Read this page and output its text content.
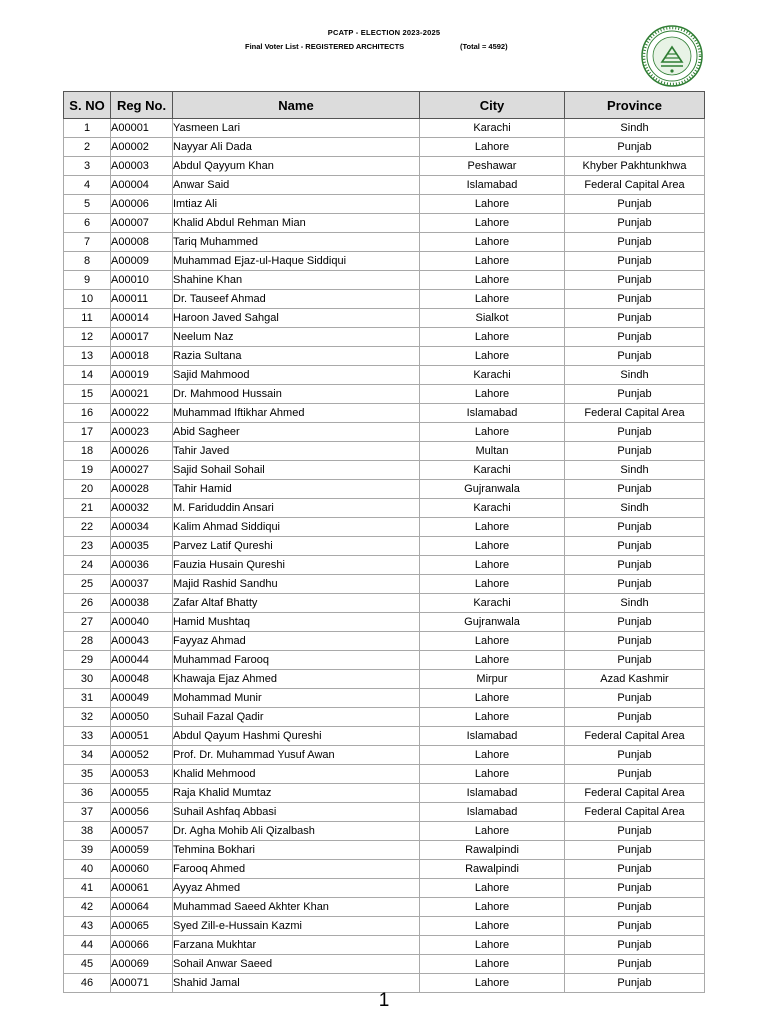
PCATP - ELECTION 2023-2025
Final Voter List - REGISTERED ARCHITECTS	(Total = 4592)
S. NO	Reg No.	Name	City	Province
1	A00001	Yasmeen Lari	Karachi	Sindh
2	A00002	Nayyar Ali Dada	Lahore	Punjab
3	A00003	Abdul Qayyum Khan	Peshawar	Khyber Pakhtunkhwa
4	A00004	Anwar Said	Islamabad	Federal Capital Area
5	A00006	Imtiaz Ali	Lahore	Punjab
6	A00007	Khalid Abdul Rehman Mian	Lahore	Punjab
7	A00008	Tariq Muhammed	Lahore	Punjab
8	A00009	Muhammad Ejaz-ul-Haque Siddiqui	Lahore	Punjab
9	A00010	Shahine Khan	Lahore	Punjab
10	A00011	Dr. Tauseef Ahmad	Lahore	Punjab
11	A00014	Haroon Javed Sahgal	Sialkot	Punjab
12	A00017	Neelum Naz	Lahore	Punjab
13	A00018	Razia Sultana	Lahore	Punjab
14	A00019	Sajid Mahmood	Karachi	Sindh
15	A00021	Dr. Mahmood Hussain	Lahore	Punjab
16	A00022	Muhammad Iftikhar Ahmed	Islamabad	Federal Capital Area
17	A00023	Abid Sagheer	Lahore	Punjab
18	A00026	Tahir Javed	Multan	Punjab
19	A00027	Sajid Sohail Sohail	Karachi	Sindh
20	A00028	Tahir Hamid	Gujranwala	Punjab
21	A00032	M. Fariduddin Ansari	Karachi	Sindh
22	A00034	Kalim Ahmad Siddiqui	Lahore	Punjab
23	A00035	Parvez Latif Qureshi	Lahore	Punjab
24	A00036	Fauzia Husain Qureshi	Lahore	Punjab
25	A00037	Majid Rashid Sandhu	Lahore	Punjab
26	A00038	Zafar Altaf Bhatty	Karachi	Sindh
27	A00040	Hamid Mushtaq	Gujranwala	Punjab
28	A00043	Fayyaz Ahmad	Lahore	Punjab
29	A00044	Muhammad Farooq	Lahore	Punjab
30	A00048	Khawaja Ejaz Ahmed	Mirpur	Azad Kashmir
31	A00049	Mohammad Munir	Lahore	Punjab
32	A00050	Suhail Fazal Qadir	Lahore	Punjab
33	A00051	Abdul Qayum Hashmi Qureshi	Islamabad	Federal Capital Area
34	A00052	Prof. Dr. Muhammad Yusuf Awan	Lahore	Punjab
35	A00053	Khalid Mehmood	Lahore	Punjab
36	A00055	Raja Khalid Mumtaz	Islamabad	Federal Capital Area
37	A00056	Suhail Ashfaq Abbasi	Islamabad	Federal Capital Area
38	A00057	Dr. Agha Mohib Ali Qizalbash	Lahore	Punjab
39	A00059	Tehmina Bokhari	Rawalpindi	Punjab
40	A00060	Farooq Ahmed	Rawalpindi	Punjab
41	A00061	Ayyaz Ahmed	Lahore	Punjab
42	A00064	Muhammad Saeed Akhter Khan	Lahore	Punjab
43	A00065	Syed Zill-e-Hussain Kazmi	Lahore	Punjab
44	A00066	Farzana Mukhtar	Lahore	Punjab
45	A00069	Sohail Anwar Saeed	Lahore	Punjab
46	A00071	Shahid Jamal	Lahore	Punjab
1
